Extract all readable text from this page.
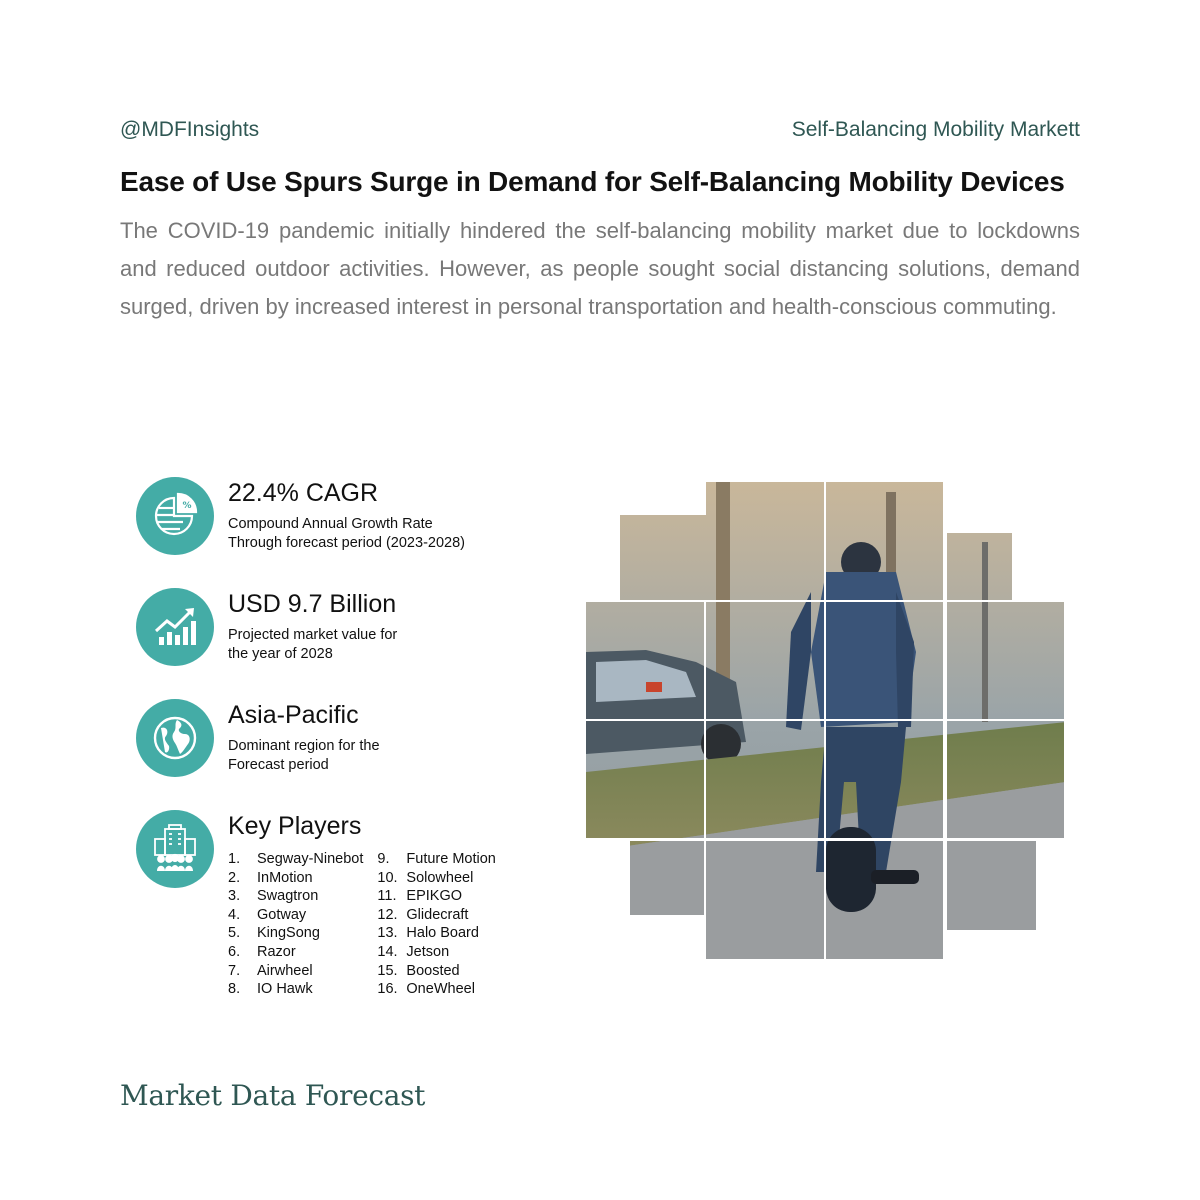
@MDFInsights	Self-Balancing Mobility Markett
Ease of Use Spurs Surge in Demand for Self-Balancing Mobility Devices

The COVID-19 pandemic initially hindered the self-balancing mobility market due to lockdowns and reduced outdoor activities. However, as people sought social distancing solutions, demand surged, driven by increased interest in personal transportation and health-conscious commuting.

% 22.4% CAGR
Compound Annual Growth Rate
Through forecast period (2023-2028)
USD 9.7 Billion
Projected market value for
the year of 2028
Asia-Pacific
Dominant region for the
Forecast period
Key Players
1.	Segway-Ninebot
2.	InMotion
3.	Swagtron
4.	Gotway
5.	KingSong
6.	Razor
7.	Airwheel
8.	IO Hawk
9.	Future Motion
10. Solowheel
11. EPIKGO
12. Glidecraft
13. Halo Board
14. Jetson
15. Boosted
16. OneWheel
Market Data Forecast
